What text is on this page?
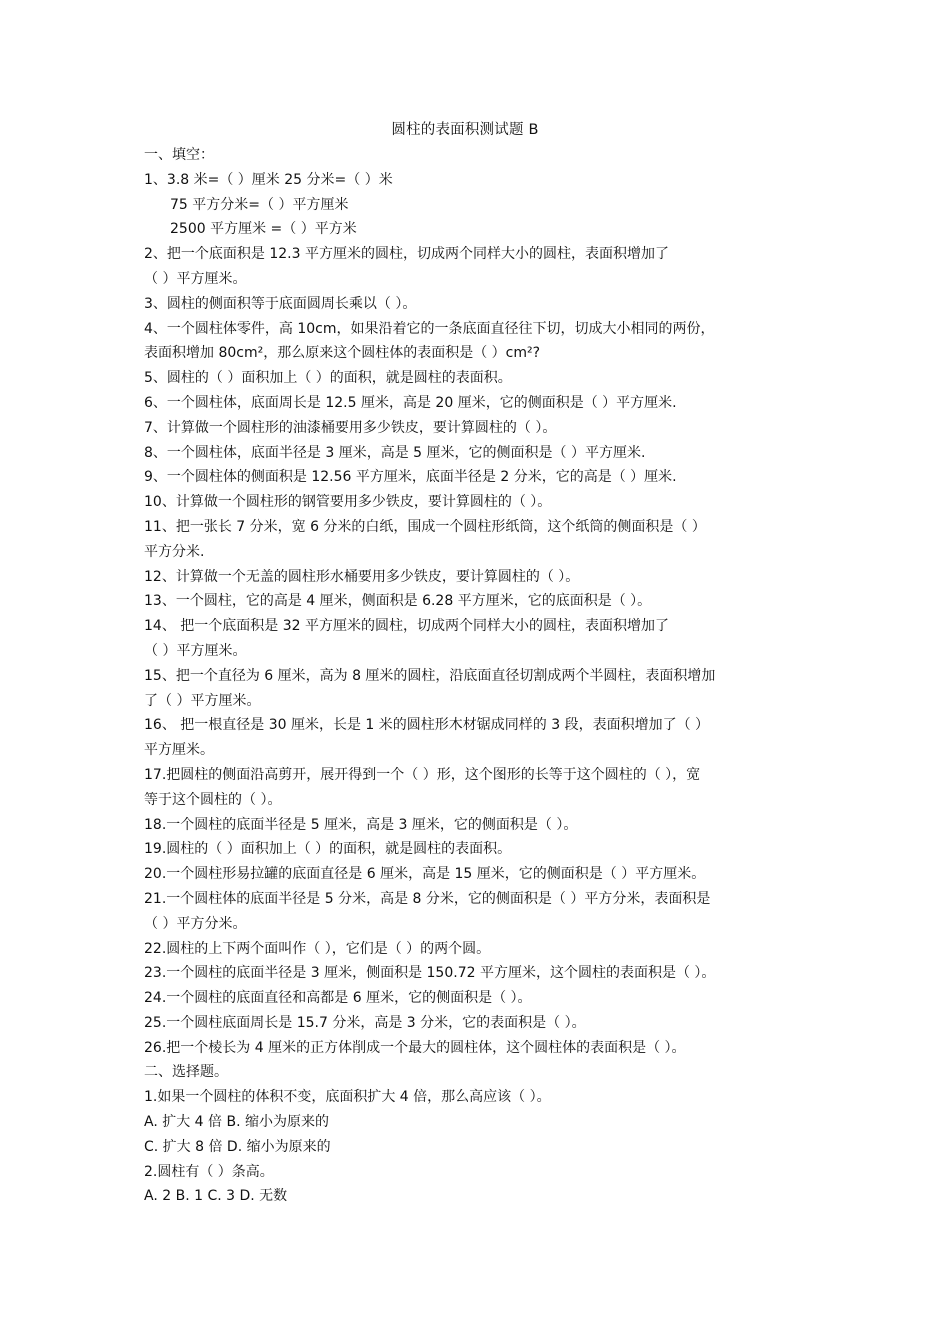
圆柱的表面积测试题 B
一、填空：
1、3.8 米=（ ）厘米 25 分米=（ ）米
75 平方分米=（ ）平方厘米
2500 平方厘米 =（ ）平方米
2、把一个底面积是 12.3 平方厘米的圆柱，切成两个同样大小的圆柱，表面积增加了
（ ）平方厘米。
3、圆柱的侧面积等于底面圆周长乘以（ ）。
4、一个圆柱体零件，高 10cm，如果沿着它的一条底面直径往下切，切成大小相同的两份，
表面积增加 80cm²，那么原来这个圆柱体的表面积是（ ）cm²?
5、圆柱的（ ）面积加上（ ）的面积，就是圆柱的表面积。
6、一个圆柱体，底面周长是 12.5 厘米，高是 20 厘米，它的侧面积是（ ）平方厘米.
7、计算做一个圆柱形的油漆桶要用多少铁皮，要计算圆柱的（ ）。
8、一个圆柱体，底面半径是 3 厘米，高是 5 厘米，它的侧面积是（ ）平方厘米.
9、一个圆柱体的侧面积是 12.56 平方厘米，底面半径是 2 分米，它的高是（ ）厘米.
10、计算做一个圆柱形的钢管要用多少铁皮，要计算圆柱的（ ）。
11、把一张长 7 分米，宽 6 分米的白纸，围成一个圆柱形纸筒，这个纸筒的侧面积是（ ）
平方分米.
12、计算做一个无盖的圆柱形水桶要用多少铁皮，要计算圆柱的（ ）。
13、一个圆柱，它的高是 4 厘米，侧面积是 6.28 平方厘米，它的底面积是（ ）。
14、 把一个底面积是 32 平方厘米的圆柱，切成两个同样大小的圆柱，表面积增加了
（ ）平方厘米。
15、把一个直径为 6 厘米，高为 8 厘米的圆柱，沿底面直径切割成两个半圆柱，表面积增加
了（ ）平方厘米。
16、 把一根直径是 30 厘米，长是 1 米的圆柱形木材锯成同样的 3 段，表面积增加了（ ）
平方厘米。
17.把圆柱的侧面沿高剪开，展开得到一个（ ）形，这个图形的长等于这个圆柱的（ ），宽
等于这个圆柱的（ ）。
18.一个圆柱的底面半径是 5 厘米，高是 3 厘米，它的侧面积是（ ）。
19.圆柱的（ ）面积加上（ ）的面积，就是圆柱的表面积。
20.一个圆柱形易拉罐的底面直径是 6 厘米，高是 15 厘米，它的侧面积是（ ）平方厘米。
21.一个圆柱体的底面半径是 5 分米，高是 8 分米，它的侧面积是（ ）平方分米，表面积是
（ ）平方分米。
22.圆柱的上下两个面叫作（ ），它们是（ ）的两个圆。
23.一个圆柱的底面半径是 3 厘米，侧面积是 150.72 平方厘米，这个圆柱的表面积是（ ）。
24.一个圆柱的底面直径和高都是 6 厘米，它的侧面积是（ ）。
25.一个圆柱底面周长是 15.7 分米，高是 3 分米，它的表面积是（ ）。
26.把一个棱长为 4 厘米的正方体削成一个最大的圆柱体，这个圆柱体的表面积是（ ）。
二、选择题。
1.如果一个圆柱的体积不变，底面积扩大 4 倍，那么高应该（ ）。
A. 扩大 4 倍 B. 缩小为原来的
C. 扩大 8 倍 D. 缩小为原来的
2.圆柱有（ ）条高。
A. 2 B. 1 C. 3 D. 无数
